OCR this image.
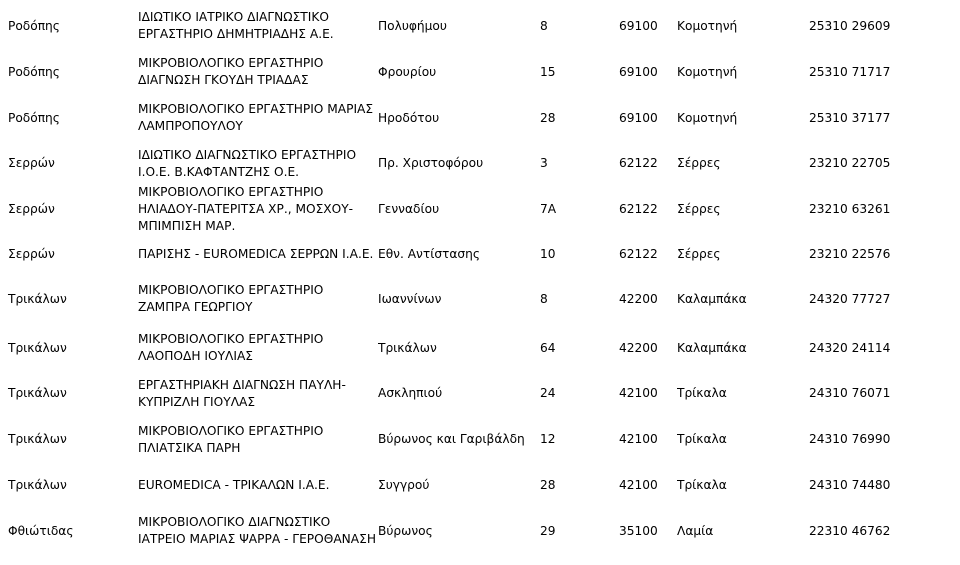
Ροδόπης	ΙΔΙΩΤΙΚΟ ΙΑΤΡΙΚΟ ΔΙΑΓΝΩΣΤΙΚΟ ΕΡΓΑΣΤΗΡΙΟ ΔΗΜΗΤΡΙΑΔΗΣ Α.Ε.	Πολυφήμου	8	69100	Κομοτηνή	25310 29609
Ροδόπης	ΜΙΚΡΟΒΙΟΛΟΓΙΚΟ ΕΡΓΑΣΤΗΡΙΟ ΔΙΑΓΝΩΣΗ ΓΚΟΥΔΗ ΤΡΙΑΔΑΣ	Φρουρίου	15	69100	Κομοτηνή	25310 71717
Ροδόπης	ΜΙΚΡΟΒΙΟΛΟΓΙΚΟ ΕΡΓΑΣΤΗΡΙΟ ΜΑΡΙΑΣ ΛΑΜΠΡΟΠΟΥΛΟΥ	Ηροδότου	28	69100	Κομοτηνή	25310 37177
Σερρών	ΙΔΙΩΤΙΚΟ ΔΙΑΓΝΩΣΤΙΚΟ ΕΡΓΑΣΤΗΡΙΟ Ι.Ο.Ε. Β.ΚΑΦΤΑΝΤΖΗΣ Ο.Ε.	Πρ. Χριστοφόρου	3	62122	Σέρρες	23210 22705
Σερρών	ΜΙΚΡΟΒΙΟΛΟΓΙΚΟ ΕΡΓΑΣΤΗΡΙΟ ΗΛΙΑΔΟΥ-ΠΑΤΕΡΙΤΣΑ ΧΡ., ΜΟΣΧΟΥ-ΜΠΙΜΠΙΣΗ ΜΑΡ.	Γενναδίου	7Α	62122	Σέρρες	23210 63261
Σερρών	ΠΑΡΙΣΗΣ - EUROMEDICA ΣΕΡΡΩΝ Ι.Α.Ε.	Εθν. Αντίστασης	10	62122	Σέρρες	23210 22576
Τρικάλων	ΜΙΚΡΟΒΙΟΛΟΓΙΚΟ ΕΡΓΑΣΤΗΡΙΟ ΖΑΜΠΡΑ ΓΕΩΡΓΙΟΥ	Ιωαννίνων	8	42200	Καλαμπάκα	24320 77727
Τρικάλων	ΜΙΚΡΟΒΙΟΛΟΓΙΚΟ ΕΡΓΑΣΤΗΡΙΟ ΛΑΟΠΟΔΗ ΙΟΥΛΙΑΣ	Τρικάλων	64	42200	Καλαμπάκα	24320 24114
Τρικάλων	ΕΡΓΑΣΤΗΡΙΑΚΗ ΔΙΑΓΝΩΣΗ ΠΑΥΛΗ-ΚΥΠΡΙΖΛΗ ΓΙΟΥΛΑΣ	Ασκληπιού	24	42100	Τρίκαλα	24310 76071
Τρικάλων	ΜΙΚΡΟΒΙΟΛΟΓΙΚΟ ΕΡΓΑΣΤΗΡΙΟ ΠΛΙΑΤΣΙΚΑ ΠΑΡΗ	Βύρωνος και Γαριβάλδη	12	42100	Τρίκαλα	24310 76990
Τρικάλων	EUROMEDICA - ΤΡΙΚΑΛΩΝ Ι.Α.Ε.	Συγγρού	28	42100	Τρίκαλα	24310 74480
Φθιώτιδας	ΜΙΚΡΟΒΙΟΛΟΓΙΚΟ ΔΙΑΓΝΩΣΤΙΚΟ ΙΑΤΡΕΙΟ ΜΑΡΙΑΣ ΨΑΡΡΑ - ΓΕΡΟΘΑΝΑΣΗ	Βύρωνος	29	35100	Λαμία	22310 46762
